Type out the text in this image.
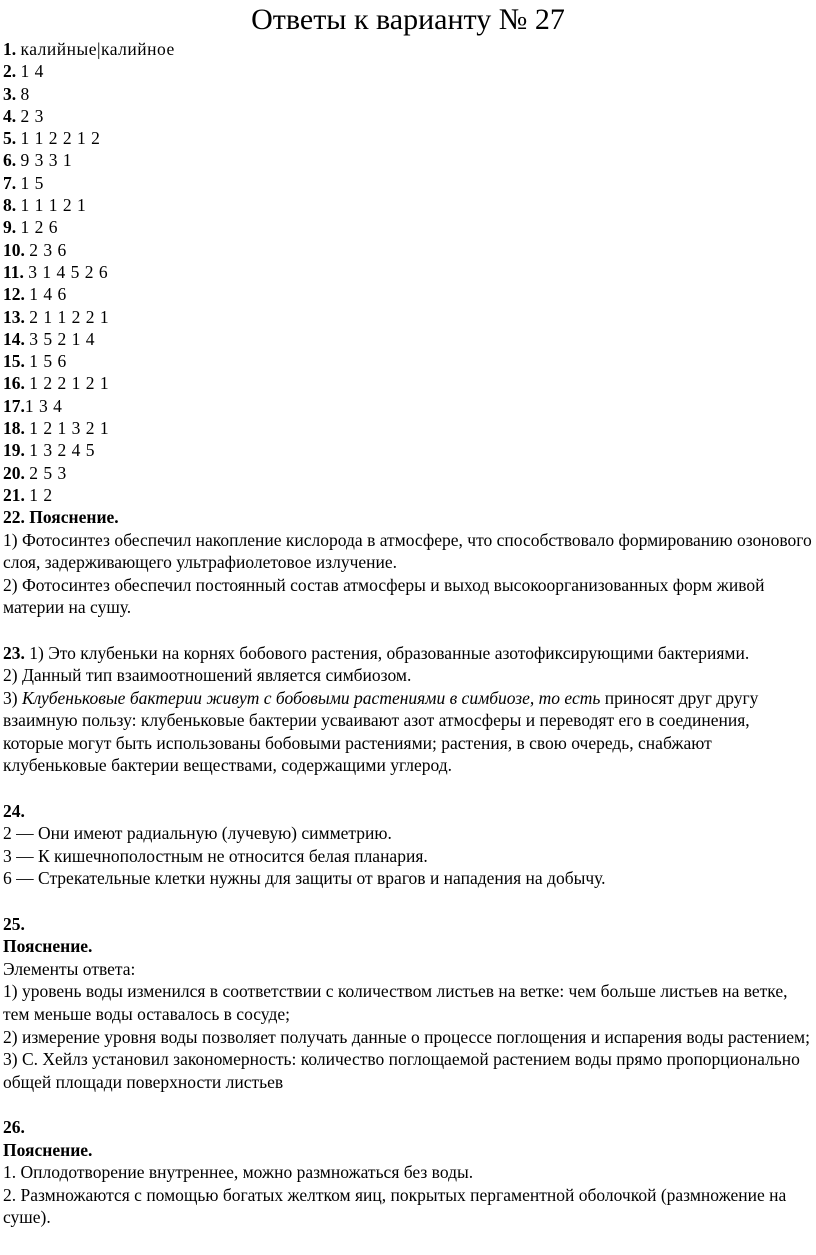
Ответы к варианту № 27

1. калийные|калийное

2. 1 4

3. 8

4. 2 3

5. 1 1 2 2 1 2

6. 9 3 3 1

7. 1 5

8. 1 1 1 2 1

9. 1 2 6

10. 2 3 6

11. 3 1 4 5 2 6

12. 1 4 6

13. 2 1 1 2 2 1

14. 3 5 2 1 4

15. 1 5 6

16. 1 2 2 1 2 1

17.1 3 4

18. 1 2 1 3 2 1

19. 1 3 2 4 5

20. 2 5 3

21. 1 2

22. Пояснение.

1) Фотосинтез обеспечил накопление кислорода в атмосфере, что способствовало формированию озонового слоя, задерживающего ультрафиолетовое излучение.

2) Фотосинтез обеспечил постоянный состав атмосферы и выход высокоорганизованных форм живой материи на сушу.

23. 1) Это клубеньки на корнях бобового растения, образованные азотофиксирующими бактериями.

2) Данный тип взаимоотношений является симбиозом.

3) Клубеньковые бактерии живут с бобовыми растениями в симбиозе, то есть приносят друг другу взаимную пользу: клубеньковые бактерии усваивают азот атмосферы и переводят его в соединения, которые могут быть использованы бобовыми растениями; растения, в свою очередь, снабжают клубеньковые бактерии веществами, содержащими углерод.

24.

2 — Они имеют радиальную (лучевую) симметрию.

3 — К кишечнополостным не относится белая планария.

6 — Стрекательные клетки нужны для защиты от врагов и нападения на добычу.

25.

Пояснение.

Элементы ответа:

1) уровень воды изменился в соответствии с количеством листьев на ветке: чем больше листьев на ветке, тем меньше воды оставалось в сосуде;

2) измерение уровня воды позволяет получать данные о процессе поглощения и испарения воды растением;

3) С. Хейлз установил закономерность: количество поглощаемой растением воды прямо пропорционально общей площади поверхности листьев

26.

Пояснение.

1. Оплодотворение внутреннее, можно размножаться без воды.

2. Размножаются с помощью богатых желтком яиц, покрытых пергаментной оболочкой (размножение на суше).
